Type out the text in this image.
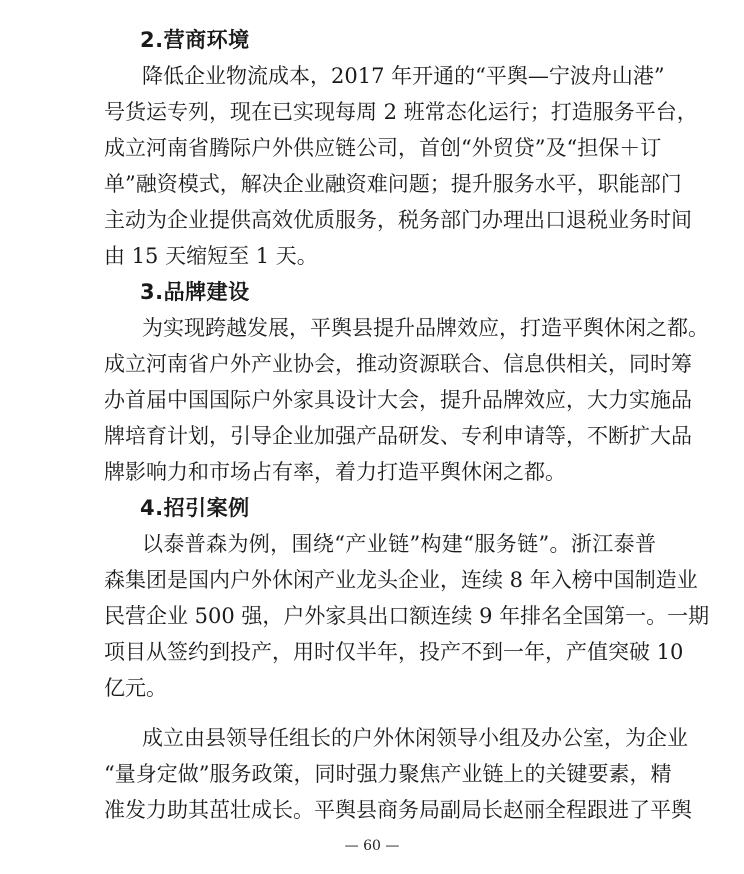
2.营商环境
降低企业物流成本，2017 年开通的“平舆—宁波舟山港”
号货运专列，现在已实现每周 2 班常态化运行；打造服务平台，
成立河南省腾际户外供应链公司，首创“外贸贷”及“担保＋订
单”融资模式，解决企业融资难问题；提升服务水平，职能部门
主动为企业提供高效优质服务，税务部门办理出口退税业务时间
由 15 天缩短至 1 天。
3.品牌建设
为实现跨越发展，平舆县提升品牌效应，打造平舆休闲之都。
成立河南省户外产业协会，推动资源联合、信息供相关，同时筹
办首届中国国际户外家具设计大会，提升品牌效应，大力实施品
牌培育计划，引导企业加强产品研发、专利申请等，不断扩大品
牌影响力和市场占有率，着力打造平舆休闲之都。
4.招引案例
以泰普森为例，围绕“产业链”构建“服务链”。浙江泰普
森集团是国内户外休闲产业龙头企业，连续 8 年入榜中国制造业
民营企业 500 强，户外家具出口额连续 9 年排名全国第一。一期
项目从签约到投产，用时仅半年，投产不到一年，产值突破 10
亿元。
成立由县领导任组长的户外休闲领导小组及办公室，为企业
“量身定做”服务政策，同时强力聚焦产业链上的关键要素，精
准发力助其茁壮成长。平舆县商务局副局长赵丽全程跟进了平舆
— 60 —
